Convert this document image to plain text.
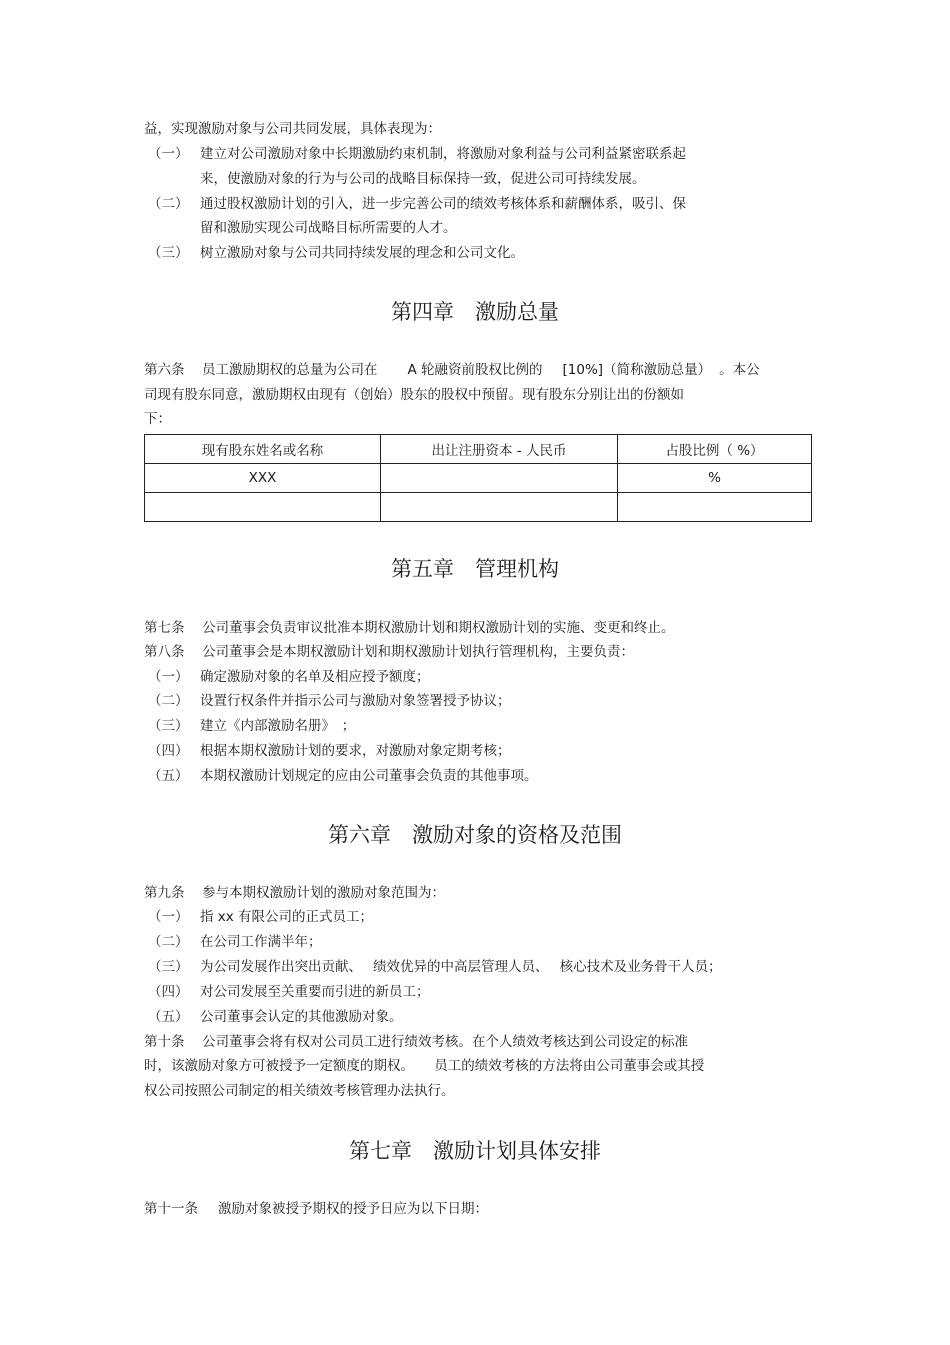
益，实现激励对象与公司共同发展，具体表现为：
（一） 建立对公司激励对象中长期激励约束机制，将激励对象利益与公司利益紧密联系起
来，使激励对象的行为与公司的战略目标保持一致，促进公司可持续发展。
（二） 通过股权激励计划的引入，进一步完善公司的绩效考核体系和薪酬体系，吸引、保
留和激励实现公司战略目标所需要的人才。
（三） 树立激励对象与公司共同持续发展的理念和公司文化。
第四章　激励总量
第六条 员工激励期权的总量为公司在 A 轮融资前股权比例的 [10%]（简称激励总量） 。本公
司现有股东同意，激励期权由现有（创始）股东的股权中预留。现有股东分别让出的份额如
下：
现有股东姓名或名称	出让注册资本 - 人民币	占股比例（ %）
XXX		%

第五章　管理机构
第七条 公司董事会负责审议批准本期权激励计划和期权激励计划的实施、变更和终止。
第八条 公司董事会是本期权激励计划和期权激励计划执行管理机构，主要负责：
（一） 确定激励对象的名单及相应授予额度；
（二） 设置行权条件并指示公司与激励对象签署授予协议；
（三） 建立《内部激励名册》　；
（四） 根据本期权激励计划的要求，对激励对象定期考核；
（五） 本期权激励计划规定的应由公司董事会负责的其他事项。
第六章　激励对象的资格及范围
第九条 参与本期权激励计划的激励对象范围为：
（一） 指 xx 有限公司的正式员工；
（二） 在公司工作满半年；
（三） 为公司发展作出突出贡献、　 绩效优异的中高层管理人员、　 核心技术及业务骨干人员；
（四） 对公司发展至关重要而引进的新员工；
（五） 公司董事会认定的其他激励对象。
第十条 公司董事会将有权对公司员工进行绩效考核。在个人绩效考核达到公司设定的标准
时，该激励对象方可被授予一定额度的期权。　　员工的绩效考核的方法将由公司董事会或其授
权公司按照公司制定的相关绩效考核管理办法执行。
第七章　激励计划具体安排
第十一条 激励对象被授予期权的授予日应为以下日期：
